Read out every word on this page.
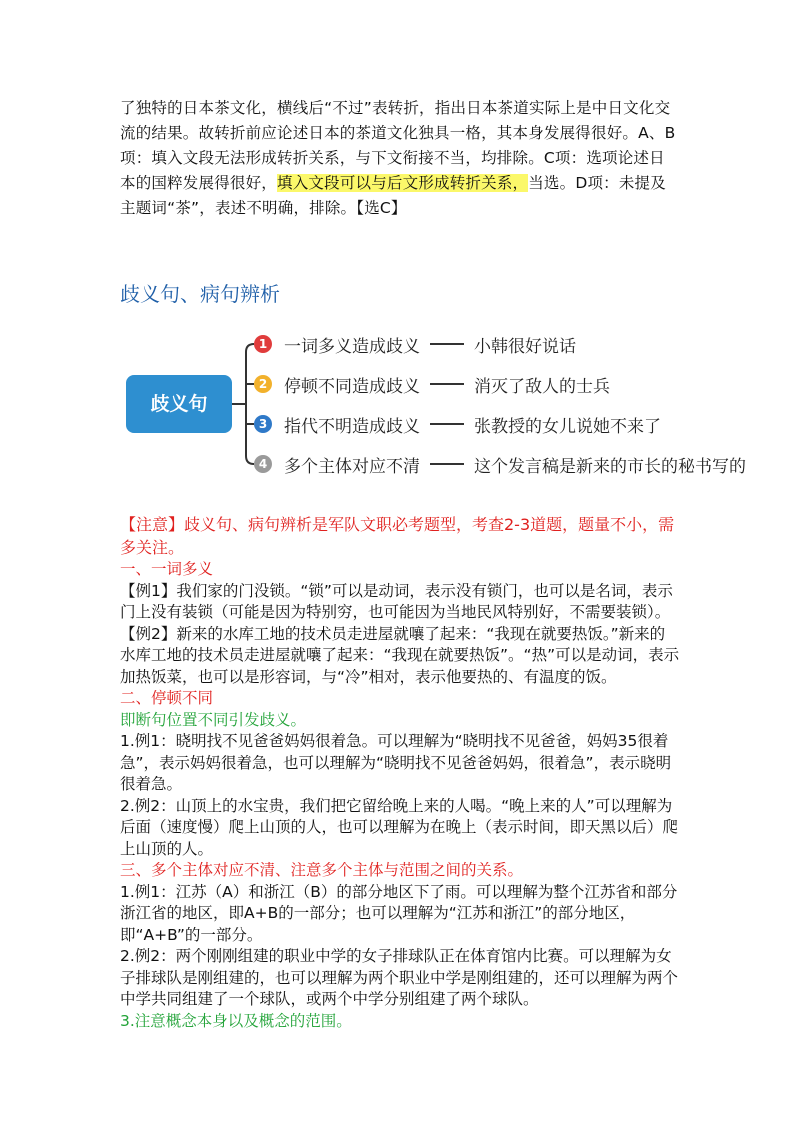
了独特的日本茶文化，横线后“不过”表转折，指出日本茶道实际上是中日文化交流的结果。故转折前应论述日本的茶道文化独具一格，其本身发展得很好。A、B项：填入文段无法形成转折关系，与下文衔接不当，均排除。C项：选项论述日本的国粹发展得很好，填入文段可以与后文形成转折关系，当选。D项：未提及主题词“茶”，表述不明确，排除。【选C】

歧义句、病句辨析
歧义句
1 一词多义造成歧义	小韩很好说话
2 停顿不同造成歧义	消灭了敌人的士兵
3 指代不明造成歧义	张教授的女儿说她不来了
4 多个主体对应不清	这个发言稿是新来的市长的秘书写的

【注意】歧义句、病句辨析是军队文职必考题型，考查2-3道题，题量不小，需多关注。

一、一词多义

【例1】我们家的门没锁。“锁”可以是动词，表示没有锁门，也可以是名词，表示门上没有装锁（可能是因为特别穷，也可能因为当地民风特别好，不需要装锁）。

【例2】新来的水库工地的技术员走进屋就嚷了起来：“我现在就要热饭。”新来的水库工地的技术员走进屋就嚷了起来：“我现在就要热饭”。“热”可以是动词，表示加热饭菜，也可以是形容词，与“冷”相对，表示他要热的、有温度的饭。

二、停顿不同

即断句位置不同引发歧义。

1.例1：晓明找不见爸爸妈妈很着急。可以理解为“晓明找不见爸爸，妈妈35很着急”，表示妈妈很着急，也可以理解为“晓明找不见爸爸妈妈，很着急”，表示晓明很着急。

2.例2：山顶上的水宝贵，我们把它留给晚上来的人喝。“晚上来的人”可以理解为后面（速度慢）爬上山顶的人，也可以理解为在晚上（表示时间，即天黑以后）爬上山顶的人。

三、多个主体对应不清、注意多个主体与范围之间的关系。

1.例1：江苏（A）和浙江（B）的部分地区下了雨。可以理解为整个江苏省和部分浙江省的地区，即A+B的一部分；也可以理解为“江苏和浙江”的部分地区，即“A+B”的一部分。

2.例2：两个刚刚组建的职业中学的女子排球队正在体育馆内比赛。可以理解为女子排球队是刚组建的，也可以理解为两个职业中学是刚组建的，还可以理解为两个中学共同组建了一个球队，或两个中学分别组建了两个球队。

3.注意概念本身以及概念的范围。
